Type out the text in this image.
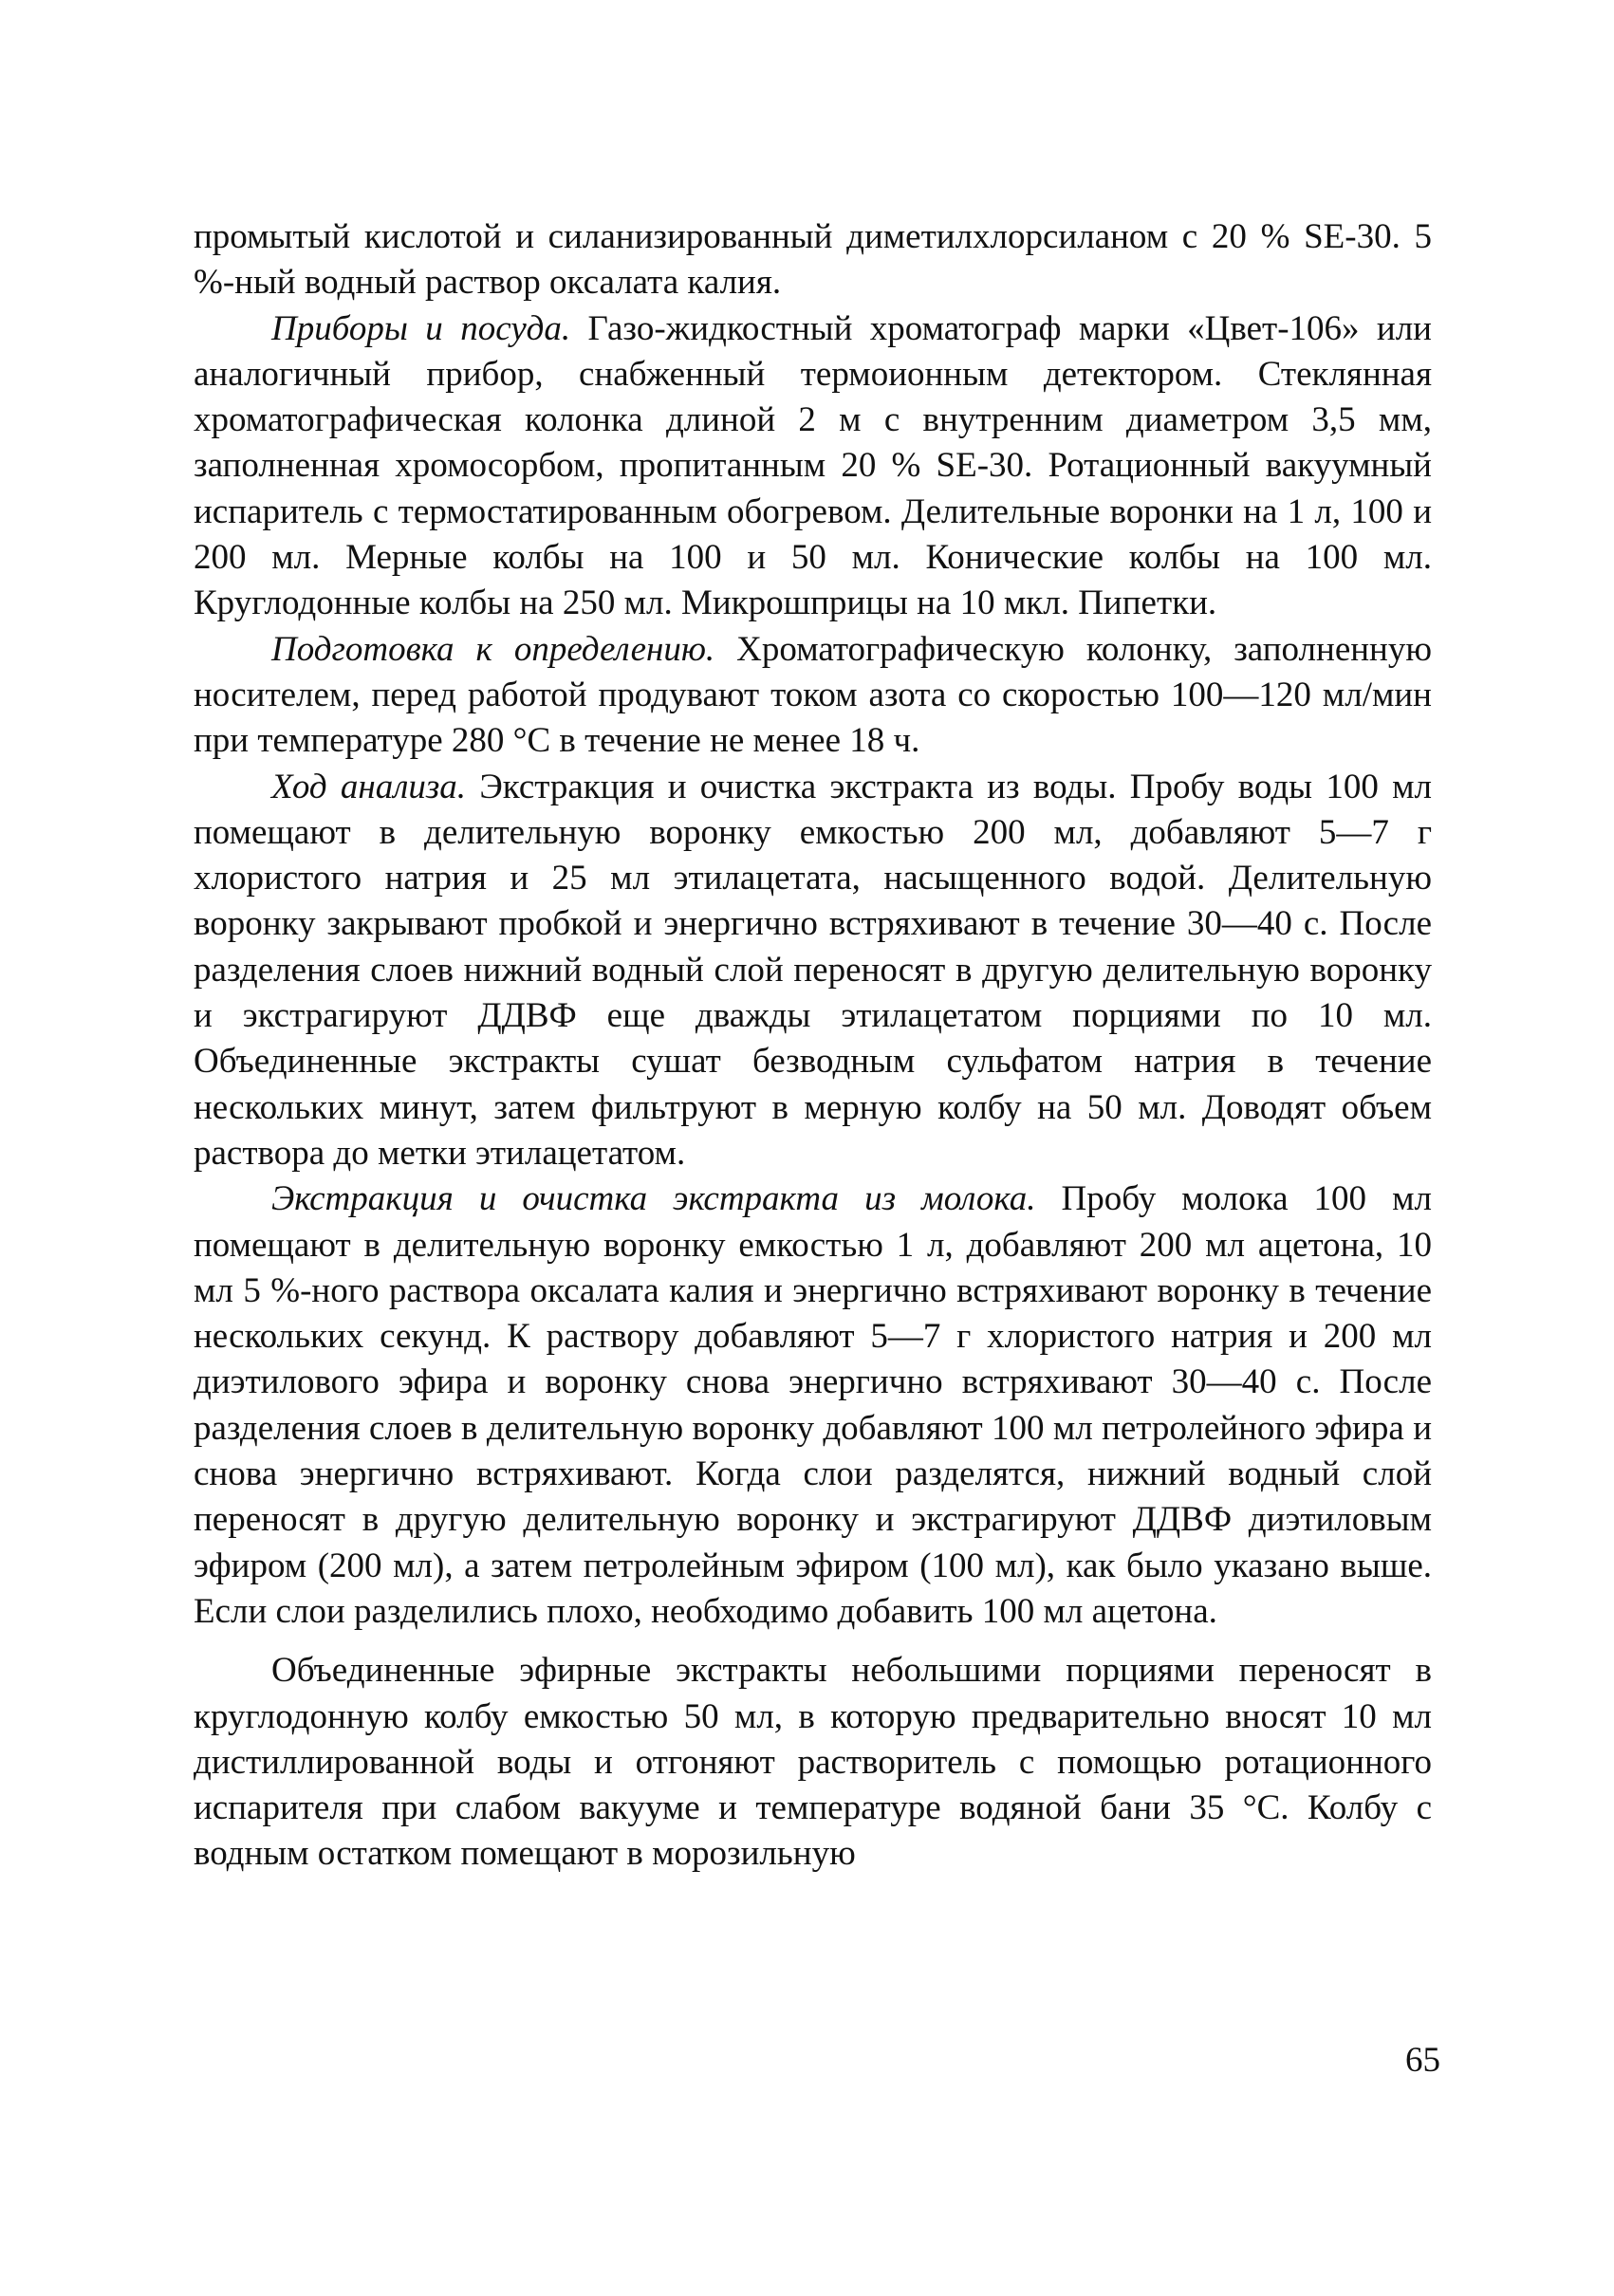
промытый кислотой и силанизированный диметилхлорсиланом с 20 % SE-30. 5 %-ный водный раствор оксалата калия.

Приборы и посуда. Газо-жидкостный хроматограф марки «Цвет-106» или аналогичный прибор, снабженный термоионным детектором. Стеклянная хроматографическая колонка длиной 2 м с внутренним диаметром 3,5 мм, заполненная хромосорбом, пропитанным 20 % SE-30. Ротационный вакуумный испаритель с термостатированным обогревом. Делительные воронки на 1 л, 100 и 200 мл. Мерные колбы на 100 и 50 мл. Конические колбы на 100 мл. Круглодонные колбы на 250 мл. Микрошприцы на 10 мкл. Пипетки.

Подготовка к определению. Хроматографическую колонку, заполненную носителем, перед работой продувают током азота со скоростью 100—120 мл/мин при температуре 280 °С в течение не менее 18 ч.

Ход анализа. Экстракция и очистка экстракта из воды. Пробу воды 100 мл помещают в делительную воронку емкостью 200 мл, добавляют 5—7 г хлористого натрия и 25 мл этилацетата, насыщенного водой. Делительную воронку закрывают пробкой и энергично встряхивают в течение 30—40 с. После разделения слоев нижний водный слой переносят в другую делительную воронку и экстрагируют ДДВФ еще дважды этилацетатом порциями по 10 мл. Объединенные экстракты сушат безводным сульфатом натрия в течение нескольких минут, затем фильтруют в мерную колбу на 50 мл. Доводят объем раствора до метки этилацетатом.

Экстракция и очистка экстракта из молока. Пробу молока 100 мл помещают в делительную воронку емкостью 1 л, добавляют 200 мл ацетона, 10 мл 5 %-ного раствора оксалата калия и энергично встряхивают воронку в течение нескольких секунд. К раствору добавляют 5—7 г хлористого натрия и 200 мл диэтилового эфира и воронку снова энергично встряхивают 30—40 с. После разделения слоев в делительную воронку добавляют 100 мл петролейного эфира и снова энергично встряхивают. Когда слои разделятся, нижний водный слой переносят в другую делительную воронку и экстрагируют ДДВФ диэтиловым эфиром (200 мл), а затем петролейным эфиром (100 мл), как было указано выше. Если слои разделились плохо, необходимо добавить 100 мл ацетона.

Объединенные эфирные экстракты небольшими порциями переносят в круглодонную колбу емкостью 50 мл, в которую предварительно вносят 10 мл дистиллированной воды и отгоняют растворитель с помощью ротационного испарителя при слабом вакууме и температуре водяной бани 35 °С. Колбу с водным остатком помещают в морозильную

65
